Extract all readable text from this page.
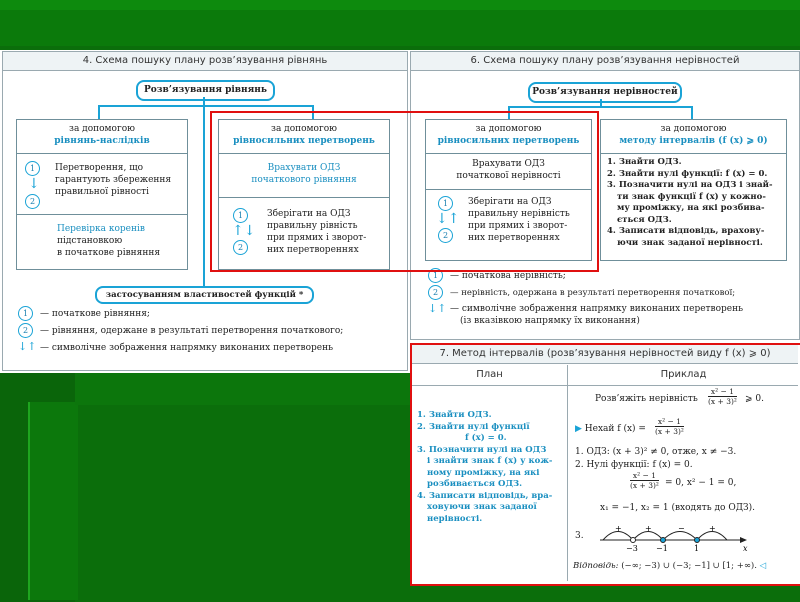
4. Схема пошуку плану розв’язування рівнянь
Розв’язування рівнянь
за допомогою
рівнянь-наслідків
1
↓
2
Перетворення, що
гарантують збереження
правильної рівності
Перевірка коренів
підстановкою
в початкове рівняння
за допомогою
рівносильних перетворень
Врахувати ОДЗ
початкового рівняння
1
↑↓
2
Зберігати на ОДЗ
правильну рівність
при прямих і зворот-
них перетвореннях
застосуванням властивостей функцій *
1	— початкове рівняння;
2	— рівняння, одержане в результаті перетворення початкового;
↓↑ — символічне зображення напрямку виконаних перетворень
6. Схема пошуку плану розв’язування нерівностей
Розв’язування нерівностей
за допомогою
рівносильних перетворень
Врахувати ОДЗ
початкової нерівності
1
↓↑
2
Зберігати на ОДЗ
правильну нерівність
при прямих і зворот-
них перетвореннях
за допомогою
методу інтервалів (f (x) ⩾ 0)
1. Знайти ОДЗ.
2. Знайти нулі функції: f (x) = 0.
3. Позначити нулі на ОДЗ і знай-
ти знак функції f (x) у кожно-
му проміжку, на які розбива-
ється ОДЗ.
4. Записати відповідь, врахову-
ючи знак заданої нерівності.
1	— початкова нерівність;
2	— нерівність, одержана в результаті перетворення початкової;
↓↑ — символічне зображення напрямку виконаних перетворень
(із вказівкою напрямку їх виконання)
7. Метод інтервалів (розв’язування нерівностей виду f (x) ⩾ 0)
План	Приклад
1. Знайти ОДЗ.
2. Знайти нулі функції
f (x) = 0.
3. Позначити нулі на ОДЗ
і знайти знак f (x) у кож-
ному проміжку, на які
розбивається ОДЗ.
4. Записати відповідь, вра-
ховуючи знак заданої
нерівності.
Розв’яжіть нерівність $\frac{\text{x² − 1}}{\text{(x + 3)²}}$ ⩾ 0.
▶ Нехай f $(x) = \frac{\text{x² − 1}}{\text{(x + 3)²}}$
1. ОДЗ: (x + 3)² ≠ 0, отже, x ≠ −3.
2. Нулі функції: f (x) = 0.
$\frac{\text{x² − 1}}{\text{(x + 3)²}} = 0$, x² − 1 = 0,
x₁ = −1, x₂ = 1 (входять до ОДЗ).
3.
+	+	−	+
−3 −1	1	x
Відповідь: (−∞; −3) ∪ (−3; −1] ∪ [1; +∞). ◁
